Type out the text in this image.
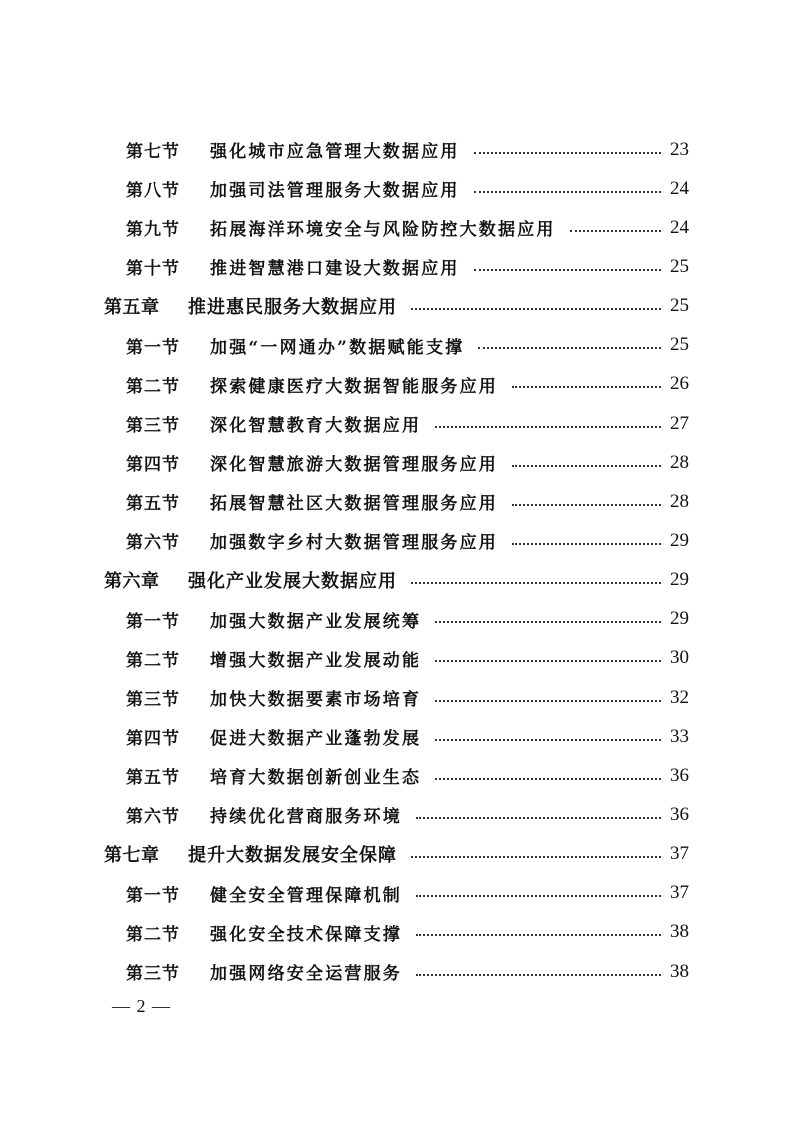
第七节	强化城市应急管理大数据应用	23
第八节	加强司法管理服务大数据应用	24
第九节	拓展海洋环境安全与风险防控大数据应用	24
第十节	推进智慧港口建设大数据应用	25
第五章	推进惠民服务大数据应用	25
第一节	加强“一网通办”数据赋能支撑	25
第二节	探索健康医疗大数据智能服务应用	26
第三节	深化智慧教育大数据应用	27
第四节	深化智慧旅游大数据管理服务应用	28
第五节	拓展智慧社区大数据管理服务应用	28
第六节	加强数字乡村大数据管理服务应用	29
第六章	强化产业发展大数据应用	29
第一节	加强大数据产业发展统筹	29
第二节	增强大数据产业发展动能	30
第三节	加快大数据要素市场培育	32
第四节	促进大数据产业蓬勃发展	33
第五节	培育大数据创新创业生态	36
第六节	持续优化营商服务环境	36
第七章	提升大数据发展安全保障	37
第一节	健全安全管理保障机制	37
第二节	强化安全技术保障支撑	38
第三节	加强网络安全运营服务	38
— 2 —
